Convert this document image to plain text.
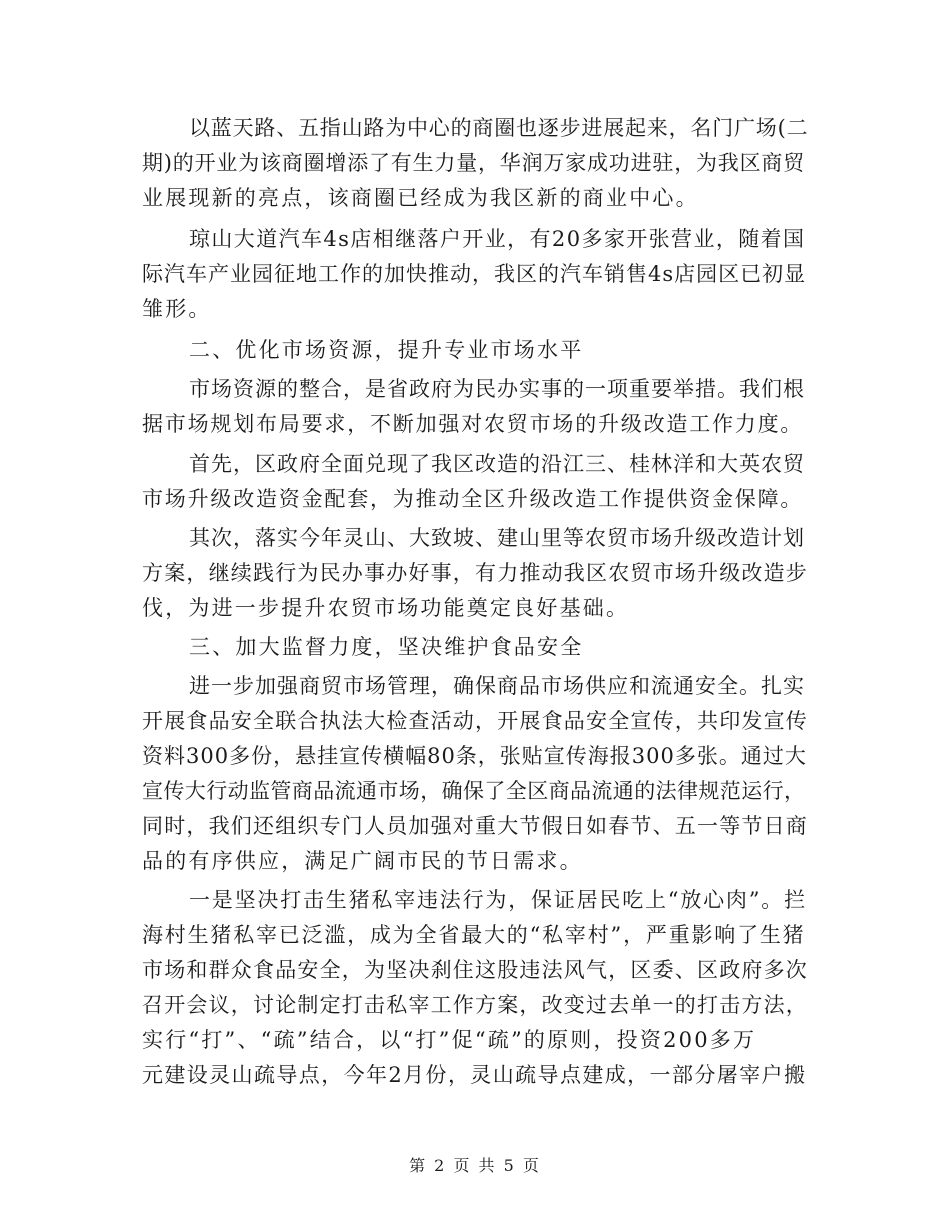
以蓝天路、五指山路为中心的商圈也逐步进展起来，名门广场(二
期)的开业为该商圈增添了有生力量，华润万家成功进驻，为我区商贸
业展现新的亮点，该商圈已经成为我区新的商业中心。
琼山大道汽车4s店相继落户开业，有20多家开张营业，随着国
际汽车产业园征地工作的加快推动，我区的汽车销售4s店园区已初显
雏形。
二、优化市场资源，提升专业市场水平
市场资源的整合，是省政府为民办实事的一项重要举措。我们根
据市场规划布局要求，不断加强对农贸市场的升级改造工作力度。
首先，区政府全面兑现了我区改造的沿江三、桂林洋和大英农贸
市场升级改造资金配套，为推动全区升级改造工作提供资金保障。
其次，落实今年灵山、大致坡、建山里等农贸市场升级改造计划
方案，继续践行为民办事办好事，有力推动我区农贸市场升级改造步
伐，为进一步提升农贸市场功能奠定良好基础。
三、加大监督力度，坚决维护食品安全
进一步加强商贸市场管理，确保商品市场供应和流通安全。扎实
开展食品安全联合执法大检查活动，开展食品安全宣传，共印发宣传
资料300多份，悬挂宣传横幅80条，张贴宣传海报300多张。通过大
宣传大行动监管商品流通市场，确保了全区商品流通的法律规范运行，
同时，我们还组织专门人员加强对重大节假日如春节、五一等节日商
品的有序供应，满足广阔市民的节日需求。
一是坚决打击生猪私宰违法行为，保证居民吃上“放心肉”。拦
海村生猪私宰已泛滥，成为全省最大的“私宰村”，严重影响了生猪
市场和群众食品安全，为坚决刹住这股违法风气，区委、区政府多次
召开会议，讨论制定打击私宰工作方案，改变过去单一的打击方法，
实行“打”、“疏”结合，以“打”促“疏”的原则，投资200多万
元建设灵山疏导点，今年2月份，灵山疏导点建成，一部分屠宰户搬
第 2 页 共 5 页
